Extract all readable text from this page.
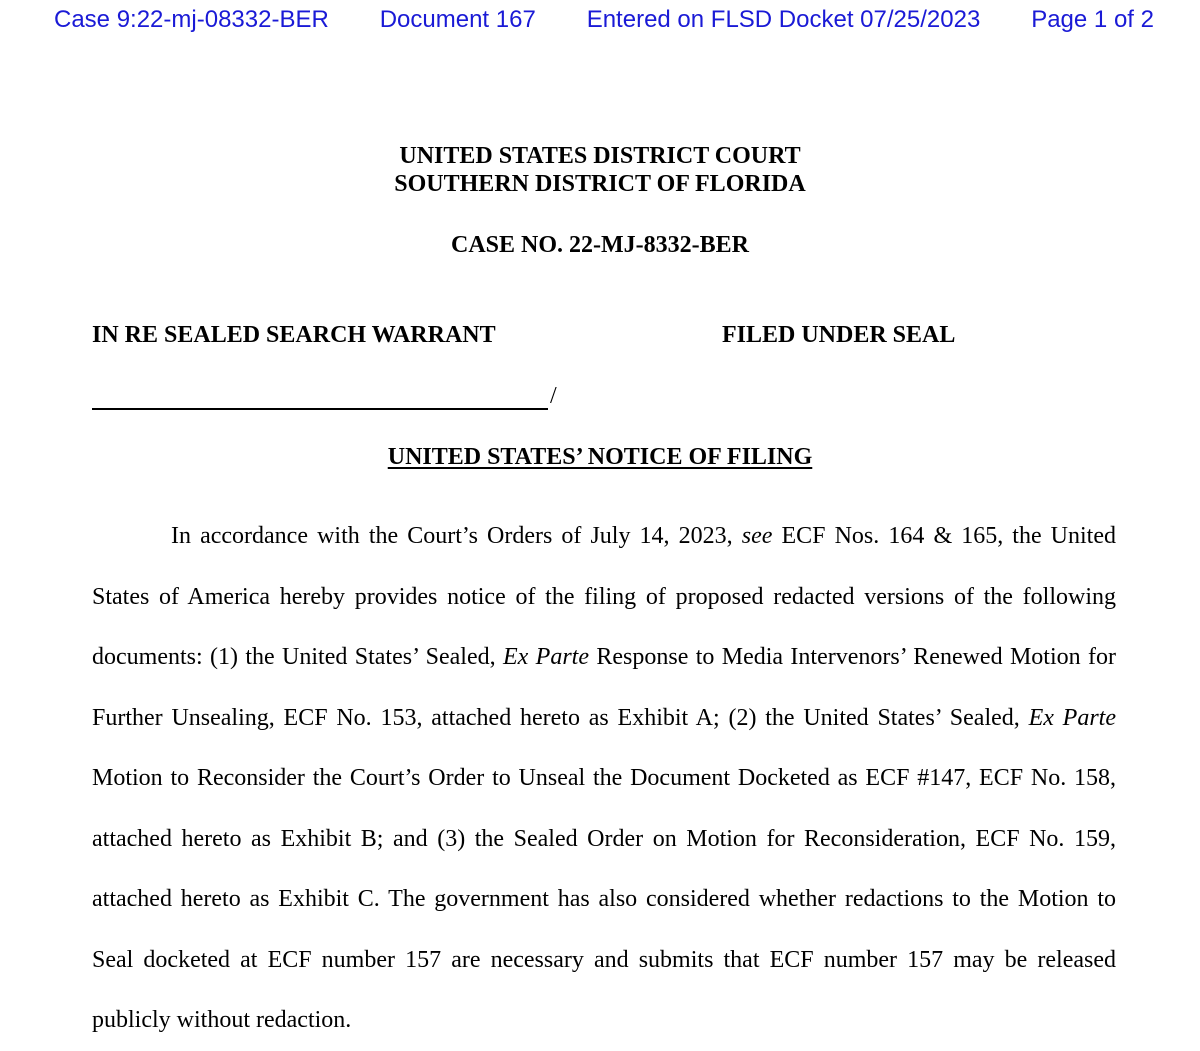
Case 9:22-mj-08332-BER Document 167 Entered on FLSD Docket 07/25/2023 Page 1 of 2
UNITED STATES DISTRICT COURT
SOUTHERN DISTRICT OF FLORIDA
CASE NO. 22-MJ-8332-BER
IN RE SEALED SEARCH WARRANT	FILED UNDER SEAL
/
UNITED STATES’ NOTICE OF FILING
In accordance with the Court’s Orders of July 14, 2023, see ECF Nos. 164 & 165, the United States of America hereby provides notice of the filing of proposed redacted versions of the following documents: (1) the United States’ Sealed, Ex Parte Response to Media Intervenors’ Renewed Motion for Further Unsealing, ECF No. 153, attached hereto as Exhibit A; (2) the United States’ Sealed, Ex Parte Motion to Reconsider the Court’s Order to Unseal the Document Docketed as ECF #147, ECF No. 158, attached hereto as Exhibit B; and (3) the Sealed Order on Motion for Reconsideration, ECF No. 159, attached hereto as Exhibit C. The government has also considered whether redactions to the Motion to Seal docketed at ECF number 157 are necessary and submits that ECF number 157 may be released publicly without redaction.
